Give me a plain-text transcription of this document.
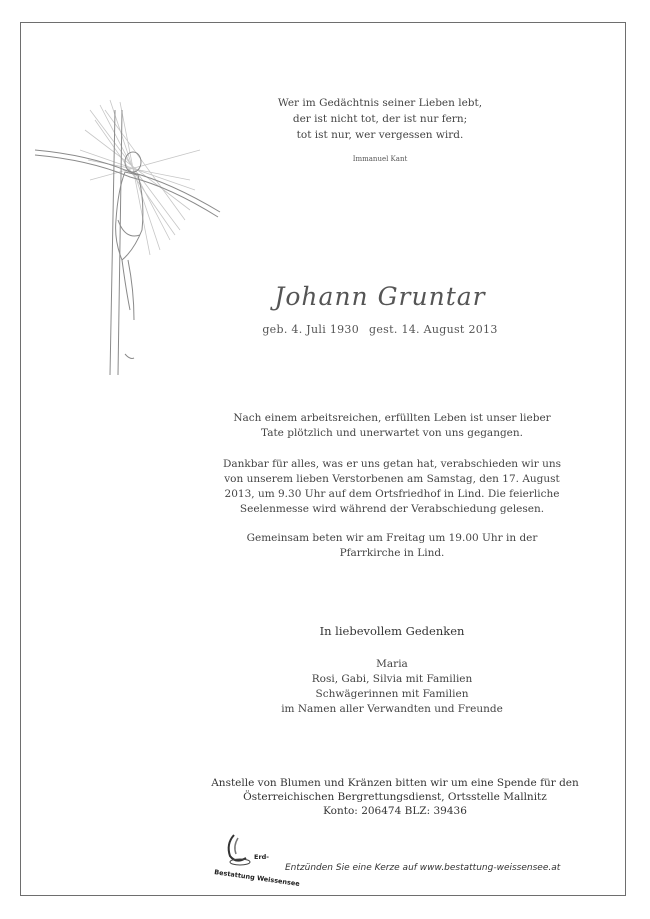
Wer im Gedächtnis seiner Lieben lebt,
der ist nicht tot, der ist nur fern;
tot ist nur, wer vergessen wird.
Immanuel Kant
Johann Gruntar
geb. 4. Juli 1930 gest. 14. August 2013
Nach einem arbeitsreichen, erfüllten Leben ist unser lieber Tate plötzlich und unerwartet von uns gegangen.
Dankbar für alles, was er uns getan hat, verabschieden wir uns von unserem lieben Verstorbenen am Samstag, den 17. August 2013, um 9.30 Uhr auf dem Ortsfriedhof in Lind. Die feierliche Seelenmesse wird während der Verabschiedung gelesen.
Gemeinsam beten wir am Freitag um 19.00 Uhr in der Pfarrkirche in Lind.
In liebevollem Gedenken
Maria
Rosi, Gabi, Silvia mit Familien
Schwägerinnen mit Familien
im Namen aller Verwandten und Freunde
Anstelle von Blumen und Kränzen bitten wir um eine Spende für den
Österreichischen Bergrettungsdienst, Ortsstelle Mallnitz
Konto: 206474 BLZ: 39436
Erd-
Bestattung Weissensee
Entzünden Sie eine Kerze auf www.bestattung-weissensee.at
